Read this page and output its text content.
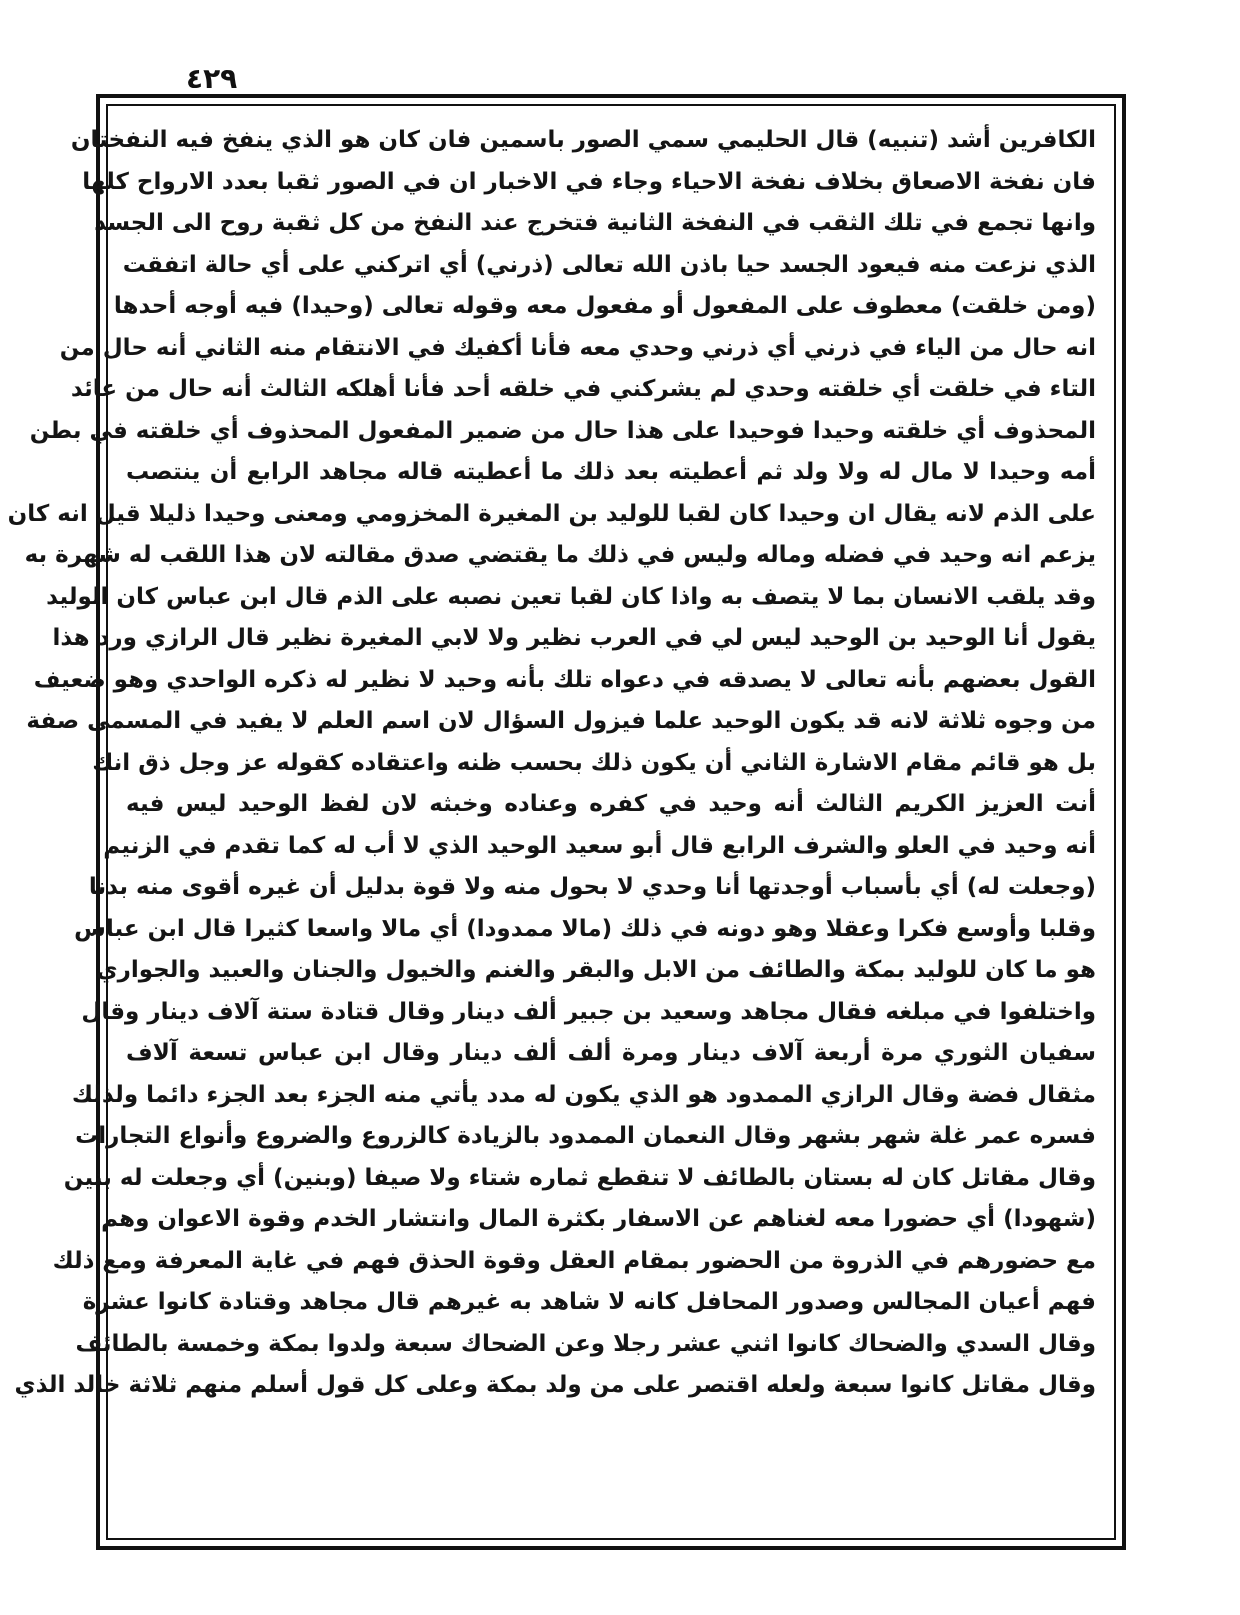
٤٢٩
الكافرين أشد (تنبيه) قال الحليمي سمي الصور باسمين فان كان هو الذي ينفخ فيه النفختان
فان نفخة الاصعاق بخلاف نفخة الاحياء وجاء في الاخبار ان في الصور ثقبا بعدد الارواح كلها
وانها تجمع في تلك الثقب في النفخة الثانية فتخرج عند النفخ من كل ثقبة روح الى الجسد
الذي نزعت منه فيعود الجسد حيا باذن الله تعالى (ذرني) أي اتركني على أي حالة اتفقت
(ومن خلقت) معطوف على المفعول أو مفعول معه وقوله تعالى (وحيدا) فيه أوجه أحدها
انه حال من الياء في ذرني أي ذرني وحدي معه فأنا أكفيك في الانتقام منه الثاني أنه حال من
التاء في خلقت أي خلقته وحدي لم يشركني في خلقه أحد فأنا أهلكه الثالث أنه حال من عائد
المحذوف أي خلقته وحيدا فوحيدا على هذا حال من ضمير المفعول المحذوف أي خلقته في بطن
أمه وحيدا لا مال له ولا ولد ثم أعطيته بعد ذلك ما أعطيته قاله مجاهد الرابع أن ينتصب
على الذم لانه يقال ان وحيدا كان لقبا للوليد بن المغيرة المخزومي ومعنى وحيدا ذليلا قيل انه كان
يزعم انه وحيد في فضله وماله وليس في ذلك ما يقتضي صدق مقالته لان هذا اللقب له شهرة به
وقد يلقب الانسان بما لا يتصف به واذا كان لقبا تعين نصبه على الذم قال ابن عباس كان الوليد
يقول أنا الوحيد بن الوحيد ليس لي في العرب نظير ولا لابي المغيرة نظير قال الرازي ورد هذا
القول بعضهم بأنه تعالى لا يصدقه في دعواه تلك بأنه وحيد لا نظير له ذكره الواحدي وهو ضعيف
من وجوه ثلاثة لانه قد يكون الوحيد علما فيزول السؤال لان اسم العلم لا يفيد في المسمى صفة
بل هو قائم مقام الاشارة الثاني أن يكون ذلك بحسب ظنه واعتقاده كقوله عز وجل ذق انك
أنت العزيز الكريم الثالث أنه وحيد في كفره وعناده وخبثه لان لفظ الوحيد ليس فيه
أنه وحيد في العلو والشرف الرابع قال أبو سعيد الوحيد الذي لا أب له كما تقدم في الزنيم
(وجعلت له) أي بأسباب أوجدتها أنا وحدي لا بحول منه ولا قوة بدليل أن غيره أقوى منه بدنا
وقلبا وأوسع فكرا وعقلا وهو دونه في ذلك (مالا ممدودا) أي مالا واسعا كثيرا قال ابن عباس
هو ما كان للوليد بمكة والطائف من الابل والبقر والغنم والخيول والجنان والعبيد والجواري
واختلفوا في مبلغه فقال مجاهد وسعيد بن جبير ألف دينار وقال قتادة ستة آلاف دينار وقال
سفيان الثوري مرة أربعة آلاف دينار ومرة ألف ألف دينار وقال ابن عباس تسعة آلاف
مثقال فضة وقال الرازي الممدود هو الذي يكون له مدد يأتي منه الجزء بعد الجزء دائما ولذلك
فسره عمر غلة شهر بشهر وقال النعمان الممدود بالزيادة كالزروع والضروع وأنواع التجارات
وقال مقاتل كان له بستان بالطائف لا تنقطع ثماره شتاء ولا صيفا (وبنين) أي وجعلت له بنين
(شهودا) أي حضورا معه لغناهم عن الاسفار بكثرة المال وانتشار الخدم وقوة الاعوان وهم
مع حضورهم في الذروة من الحضور بمقام العقل وقوة الحذق فهم في غاية المعرفة ومع ذلك
فهم أعيان المجالس وصدور المحافل كانه لا شاهد به غيرهم قال مجاهد وقتادة كانوا عشرة
وقال السدي والضحاك كانوا اثني عشر رجلا وعن الضحاك سبعة ولدوا بمكة وخمسة بالطائف
وقال مقاتل كانوا سبعة ولعله اقتصر على من ولد بمكة وعلى كل قول أسلم منهم ثلاثة خالد الذي
